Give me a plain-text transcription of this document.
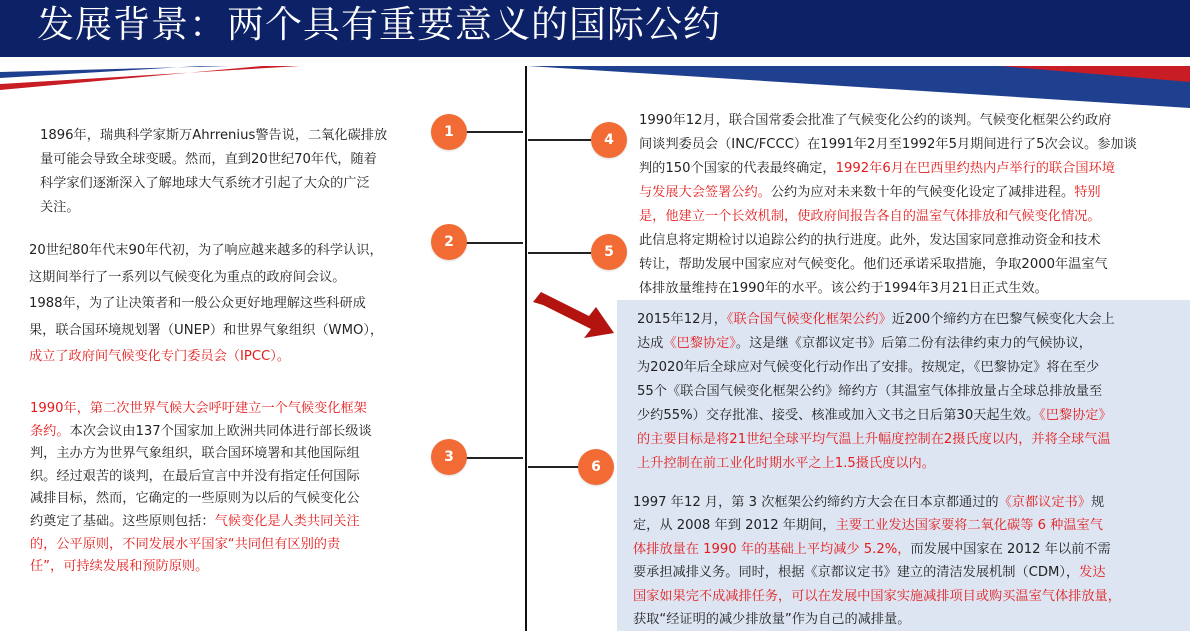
发展背景：两个具有重要意义的国际公约
1
2
3
4
5
6

1896年，瑞典科学家斯万Ahrrenius警告说，二氧化碳排放

量可能会导致全球变暖。然而，直到20世纪70年代，随着

科学家们逐渐深入了解地球大气系统才引起了大众的广泛

关注。

20世纪80年代末90年代初，为了响应越来越多的科学认识，

这期间举行了一系列以气候变化为重点的政府间会议。

1988年，为了让决策者和一般公众更好地理解这些科研成

果，联合国环境规划署（UNEP）和世界气象组织（WMO），

成立了政府间气候变化专门委员会（IPCC）。

1990年，第二次世界气候大会呼吁建立一个气候变化框架

条约。本次会议由137个国家加上欧洲共同体进行部长级谈

判，主办方为世界气象组织，联合国环境署和其他国际组

织。经过艰苦的谈判，在最后宣言中并没有指定任何国际

减排目标，然而，它确定的一些原则为以后的气候变化公

约奠定了基础。这些原则包括：气候变化是人类共同关注

的，公平原则，不同发展水平国家“共同但有区别的责

任”，可持续发展和预防原则。

1990年12月，联合国常委会批准了气候变化公约的谈判。气候变化框架公约政府

间谈判委员会（INC/FCCC）在1991年2月至1992年5月期间进行了5次会议。参加谈

判的150个国家的代表最终确定，1992年6月在巴西里约热内卢举行的联合国环境

与发展大会签署公约。公约为应对未来数十年的气候变化设定了减排进程。特别

是，他建立一个长效机制，使政府间报告各自的温室气体排放和气候变化情况。

此信息将定期检讨以追踪公约的执行进度。此外，发达国家同意推动资金和技术

转让，帮助发展中国家应对气候变化。他们还承诺采取措施，争取2000年温室气

体排放量维持在1990年的水平。该公约于1994年3月21日正式生效。

2015年12月，《联合国气候变化框架公约》近200个缔约方在巴黎气候变化大会上

达成《巴黎协定》。这是继《京都议定书》后第二份有法律约束力的气候协议，

为2020年后全球应对气候变化行动作出了安排。按规定，《巴黎协定》将在至少

55个《联合国气候变化框架公约》缔约方（其温室气体排放量占全球总排放量至

少约55%）交存批准、接受、核准或加入文书之日后第30天起生效。《巴黎协定》

的主要目标是将21世纪全球平均气温上升幅度控制在2摄氏度以内，并将全球气温

上升控制在前工业化时期水平之上1.5摄氏度以内。

1997 年12 月，第 3 次框架公约缔约方大会在日本京都通过的《京都议定书》规

定，从 2008 年到 2012 年期间，主要工业发达国家要将二氧化碳等 6 种温室气

体排放量在 1990 年的基础上平均减少 5.2%，而发展中国家在 2012 年以前不需

要承担减排义务。同时，根据《京都议定书》建立的清洁发展机制（CDM），发达

国家如果完不成减排任务，可以在发展中国家实施减排项目或购买温室气体排放量，

获取“经证明的减少排放量”作为自己的减排量。
